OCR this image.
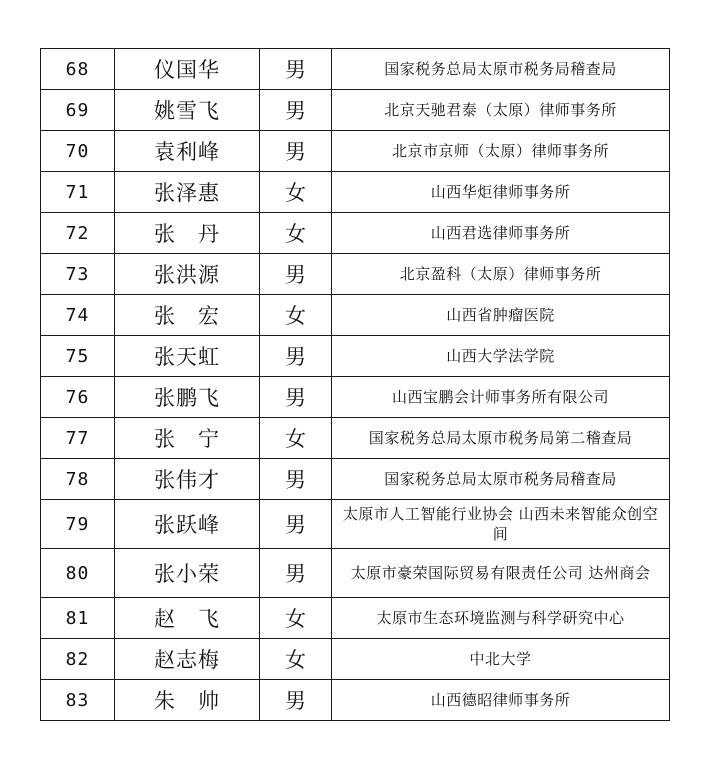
68	仪国华	男	国家税务总局太原市税务局稽查局
69	姚雪飞	男	北京天驰君泰（太原）律师事务所
70	袁利峰	男	北京市京师（太原）律师事务所
71	张泽惠	女	山西华炬律师事务所
72	张　丹	女	山西君选律师事务所
73	张洪源	男	北京盈科（太原）律师事务所
74	张　宏	女	山西省肿瘤医院
75	张天虹	男	山西大学法学院
76	张鹏飞	男	山西宝鹏会计师事务所有限公司
77	张　宁	女	国家税务总局太原市税务局第二稽查局
78	张伟才	男	国家税务总局太原市税务局稽查局
79	张跃峰	男	太原市人工智能行业协会 山西未来智能众创空间
80	张小荣	男	太原市豪荣国际贸易有限责任公司 达州商会
81	赵　飞	女	太原市生态环境监测与科学研究中心
82	赵志梅	女	中北大学
83	朱　帅	男	山西德昭律师事务所
